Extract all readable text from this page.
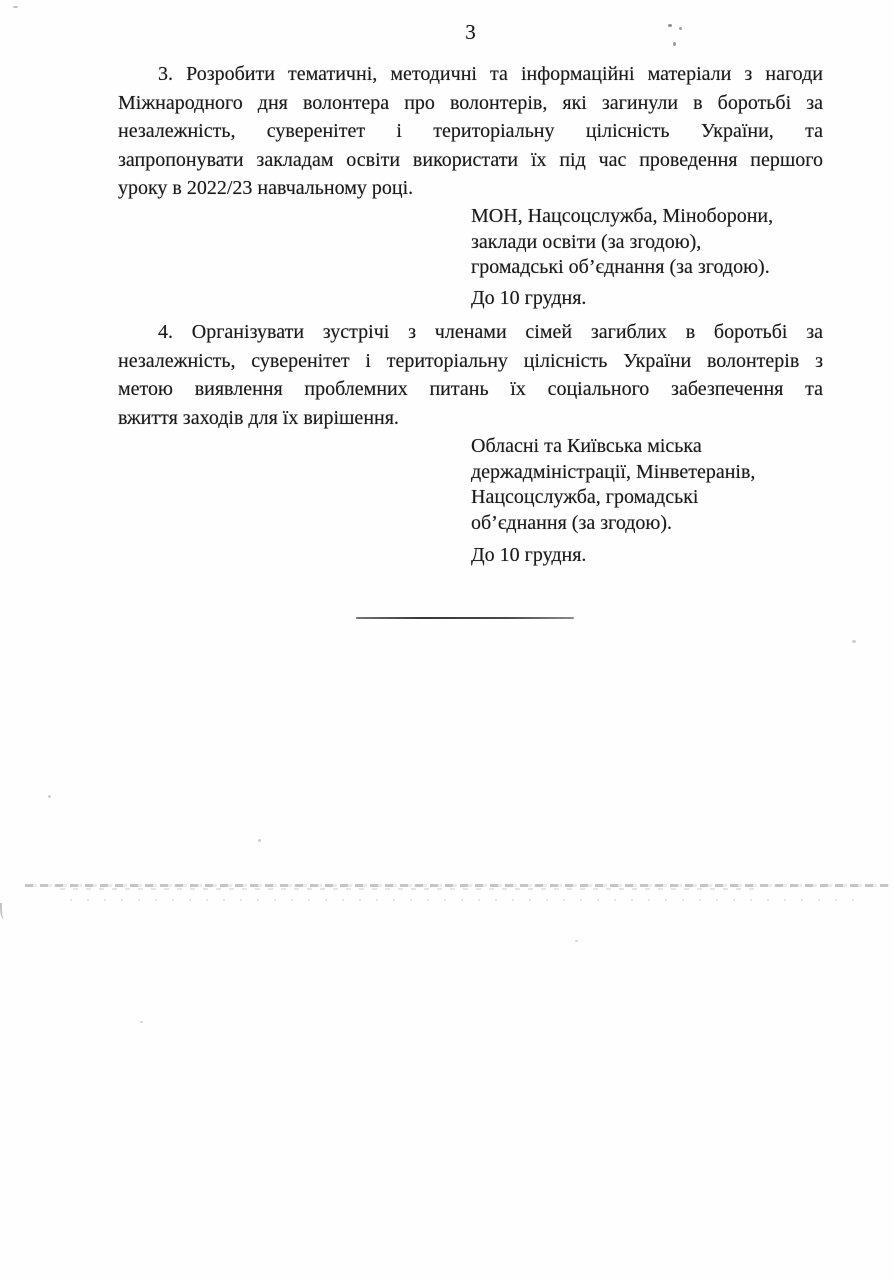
3
3. Розробити тематичні, методичні та інформаційні матеріали з нагоди
Міжнародного дня волонтера про волонтерів, які загинули в боротьбі за
незалежність, суверенітет і територіальну цілісність України, та
запропонувати закладам освіти використати їх під час проведення першого
уроку в 2022/23 навчальному році.
МОН, Нацсоцслужба, Міноборони,
заклади освіти (за згодою),
громадські об’єднання (за згодою).
До 10 грудня.
4. Організувати зустрічі з членами сімей загиблих в боротьбі за
незалежність, суверенітет і територіальну цілісність України волонтерів з
метою виявлення проблемних питань їх соціального забезпечення та
вжиття заходів для їх вирішення.
Обласні та Київська міська
держадміністрації, Мінветеранів,
Нацсоцслужба, громадські
об’єднання (за згодою).
До 10 грудня.
